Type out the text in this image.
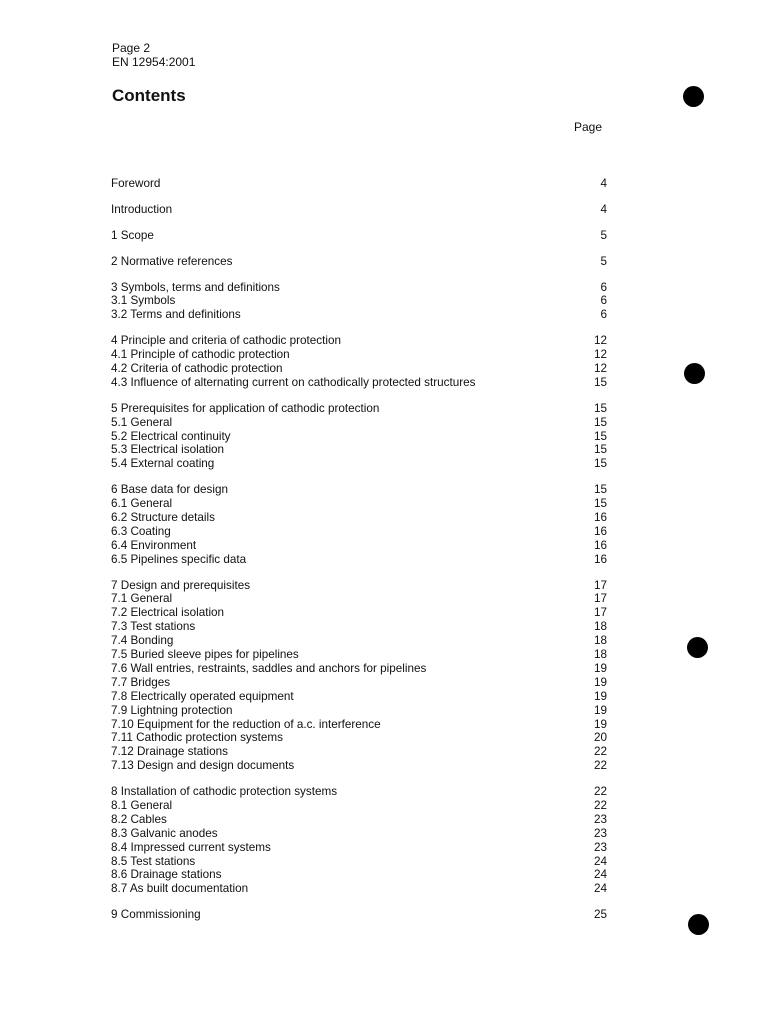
Page 2
EN 12954:2001
Contents
Page
Foreword	4
Introduction	4
1 Scope	5
2 Normative references	5
3 Symbols, terms and definitions	6
3.1 Symbols	6
3.2 Terms and definitions	6
4 Principle and criteria of cathodic protection	12
4.1 Principle of cathodic protection	12
4.2 Criteria of cathodic protection	12
4.3 Influence of alternating current on cathodically protected structures	15
5 Prerequisites for application of cathodic protection	15
5.1 General	15
5.2 Electrical continuity	15
5.3 Electrical isolation	15
5.4 External coating	15
6 Base data for design	15
6.1 General	15
6.2 Structure details	16
6.3 Coating	16
6.4 Environment	16
6.5 Pipelines specific data	16
7 Design and prerequisites	17
7.1 General	17
7.2 Electrical isolation	17
7.3 Test stations	18
7.4 Bonding	18
7.5 Buried sleeve pipes for pipelines	18
7.6 Wall entries, restraints, saddles and anchors for pipelines	19
7.7 Bridges	19
7.8 Electrically operated equipment	19
7.9 Lightning protection	19
7.10 Equipment for the reduction of a.c. interference	19
7.11 Cathodic protection systems	20
7.12 Drainage stations	22
7.13 Design and design documents	22
8 Installation of cathodic protection systems	22
8.1 General	22
8.2 Cables	23
8.3 Galvanic anodes	23
8.4 Impressed current systems	23
8.5 Test stations	24
8.6 Drainage stations	24
8.7 As built documentation	24
9 Commissioning	25
